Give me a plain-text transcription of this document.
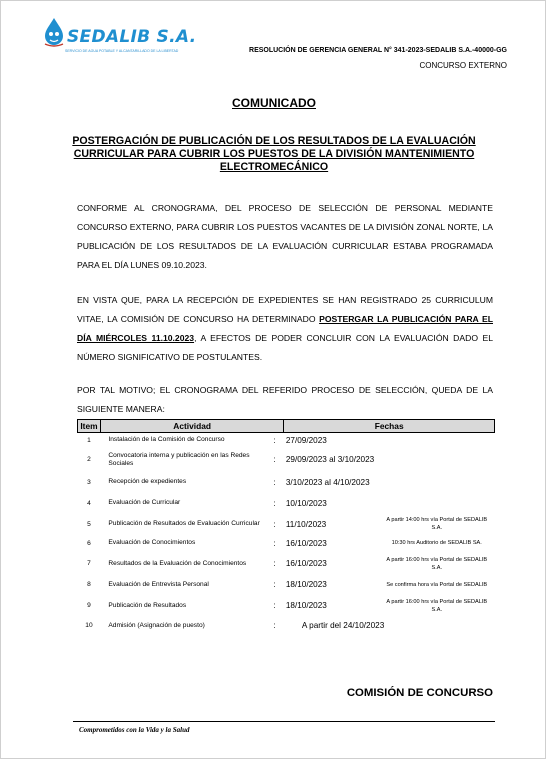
SEDALIB S.A.
SERVICIO DE AGUA POTABLE Y ALCANTARILLADO DE LA LIBERTAD	RESOLUCIÓN DE GERENCIA GENERAL N° 341-2023-SEDALIB S.A.-40000-GG
CONCURSO EXTERNO
COMUNICADO
POSTERGACIÓN DE PUBLICACIÓN DE LOS RESULTADOS DE LA EVALUACIÓN CURRICULAR PARA CUBRIR LOS PUESTOS DE LA DIVISIÓN MANTENIMIENTO ELECTROMECÁNICO
CONFORME AL CRONOGRAMA, DEL PROCESO DE SELECCIÓN DE PERSONAL MEDIANTE CONCURSO EXTERNO, PARA CUBRIR LOS PUESTOS VACANTES DE LA DIVISIÓN ZONAL NORTE, LA PUBLICACIÓN DE LOS RESULTADOS DE LA EVALUACIÓN CURRICULAR ESTABA PROGRAMADA PARA EL DÍA LUNES 09.10.2023.
EN VISTA QUE, PARA LA RECEPCIÓN DE EXPEDIENTES SE HAN REGISTRADO 25 CURRICULUM VITAE, LA COMISIÓN DE CONCURSO HA DETERMINADO POSTERGAR LA PUBLICACIÓN PARA EL DÍA MIÉRCOLES 11.10.2023, A EFECTOS DE PODER CONCLUIR CON LA EVALUACIÓN DADO EL NÚMERO SIGNIFICATIVO DE POSTULANTES.
POR TAL MOTIVO; EL CRONOGRAMA DEL REFERIDO PROCESO DE SELECCIÓN, QUEDA DE LA SIGUIENTE MANERA:
Item	Actividad		Fechas	
1	Instalación de la Comisión de Concurso	:	27/09/2023	
2	Convocatoria interna y publicación en las Redes Sociales	:	29/09/2023 al 3/10/2023	
3	Recepción de expedientes	:	3/10/2023 al 4/10/2023	
4	Evaluación de Curricular	:	10/10/2023	
5	Publicación de Resultados de Evaluación Curricular	:	11/10/2023	A partir 14:00 hrs vía Portal de SEDALIB S.A.
6	Evaluación de Conocimientos	:	16/10/2023	10:30 hrs Auditorio de SEDALIB SA.
7	Resultados de la Evaluación de Conocimientos	:	16/10/2023	A partir 16:00 hrs vía Portal de SEDALIB S.A.
8	Evaluación de Entrevista Personal	:	18/10/2023	Se confirma hora vía Portal de SEDALIB
9	Publicación de Resultados	:	18/10/2023	A partir 16:00 hrs vía Portal de SEDALIB S.A.
10	Admisión (Asignación de puesto)	:	A partir del 24/10/2023	
COMISIÓN DE CONCURSO
Comprometidos con la Vida y la Salud
